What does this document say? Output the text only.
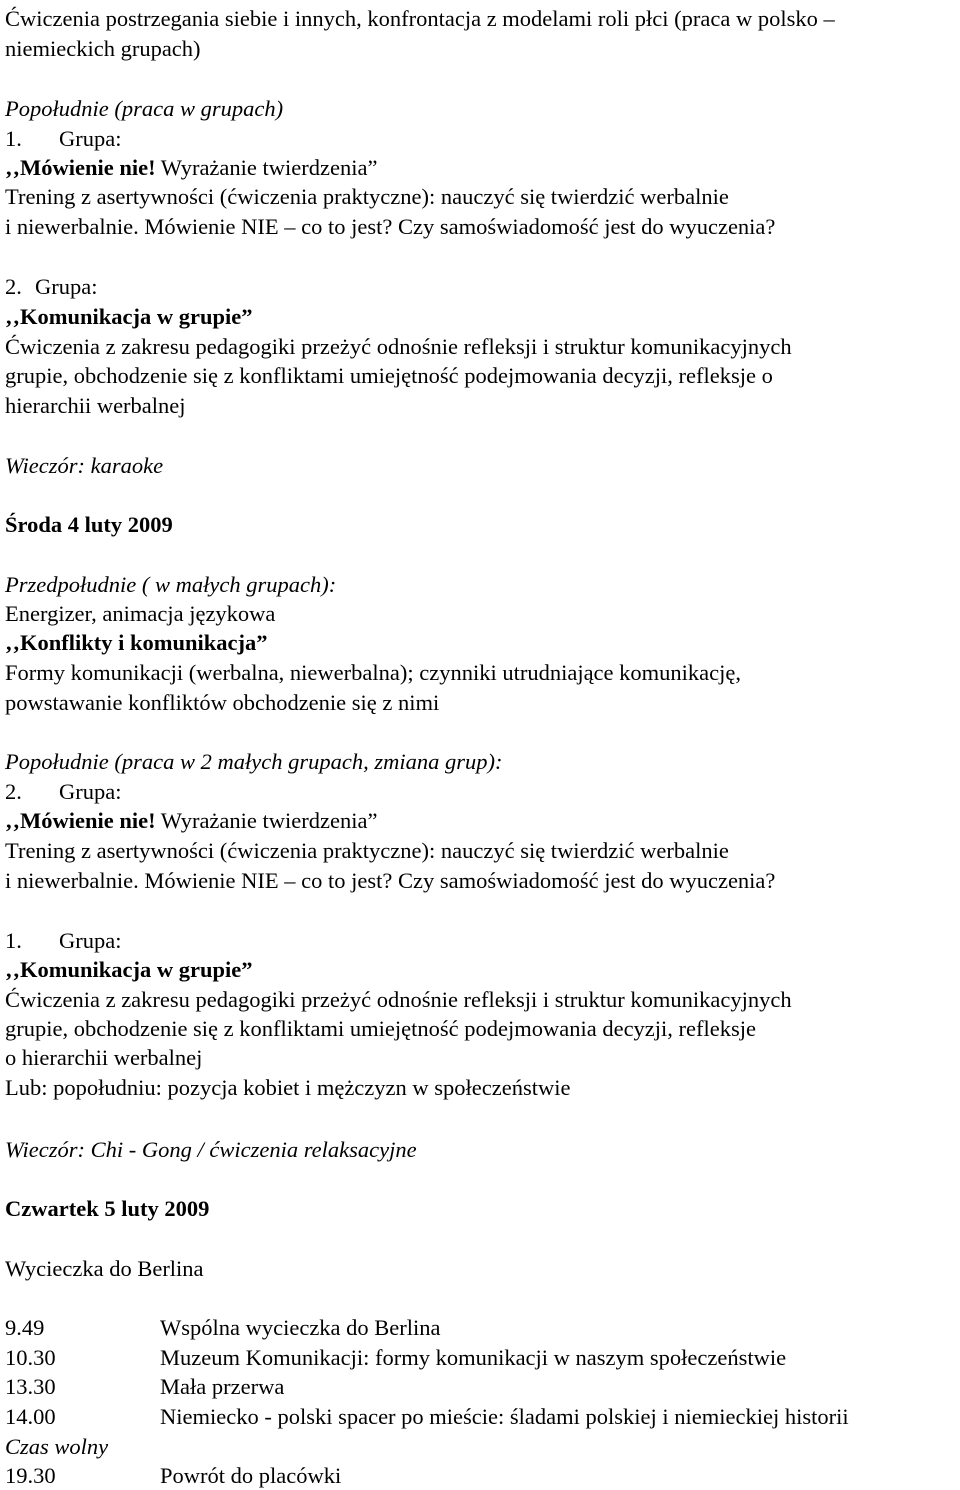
Ćwiczenia postrzegania siebie i innych, konfrontacja z modelami roli płci (praca w polsko –

niemieckich grupach)

Popołudnie (praca w grupach)

1. Grupa:

‚‚Mówienie nie! Wyrażanie twierdzenia”

Trening z asertywności (ćwiczenia praktyczne): nauczyć się twierdzić werbalnie

i niewerbalnie. Mówienie NIE – co to jest? Czy samoświadomość jest do wyuczenia?

2. Grupa:

‚‚Komunikacja w grupie”

Ćwiczenia z zakresu pedagogiki przeżyć odnośnie refleksji i struktur komunikacyjnych

grupie, obchodzenie się z konfliktami umiejętność podejmowania decyzji, refleksje o

hierarchii werbalnej

Wieczór: karaoke

Środa 4 luty 2009

Przedpołudnie ( w małych grupach):

Energizer, animacja językowa

‚‚Konflikty i komunikacja”

Formy komunikacji (werbalna, niewerbalna); czynniki utrudniające komunikację,

powstawanie konfliktów obchodzenie się z nimi

Popołudnie (praca w 2 małych grupach, zmiana grup):

2. Grupa:

‚‚Mówienie nie! Wyrażanie twierdzenia”

Trening z asertywności (ćwiczenia praktyczne): nauczyć się twierdzić werbalnie

i niewerbalnie. Mówienie NIE – co to jest? Czy samoświadomość jest do wyuczenia?

1. Grupa:

‚‚Komunikacja w grupie”

Ćwiczenia z zakresu pedagogiki przeżyć odnośnie refleksji i struktur komunikacyjnych

grupie, obchodzenie się z konfliktami umiejętność podejmowania decyzji, refleksje

o hierarchii werbalnej

Lub: popołudniu: pozycja kobiet i mężczyzn w społeczeństwie

Wieczór: Chi - Gong / ćwiczenia relaksacyjne

Czwartek 5 luty 2009

Wycieczka do Berlina

9.49	Wspólna wycieczka do Berlina
10.30	Muzeum Komunikacji: formy komunikacji w naszym społeczeństwie
13.30	Mała przerwa
14.00	Niemiecko - polski spacer po mieście: śladami polskiej i niemieckiej historii

Czas wolny

19.30	Powrót do placówki
